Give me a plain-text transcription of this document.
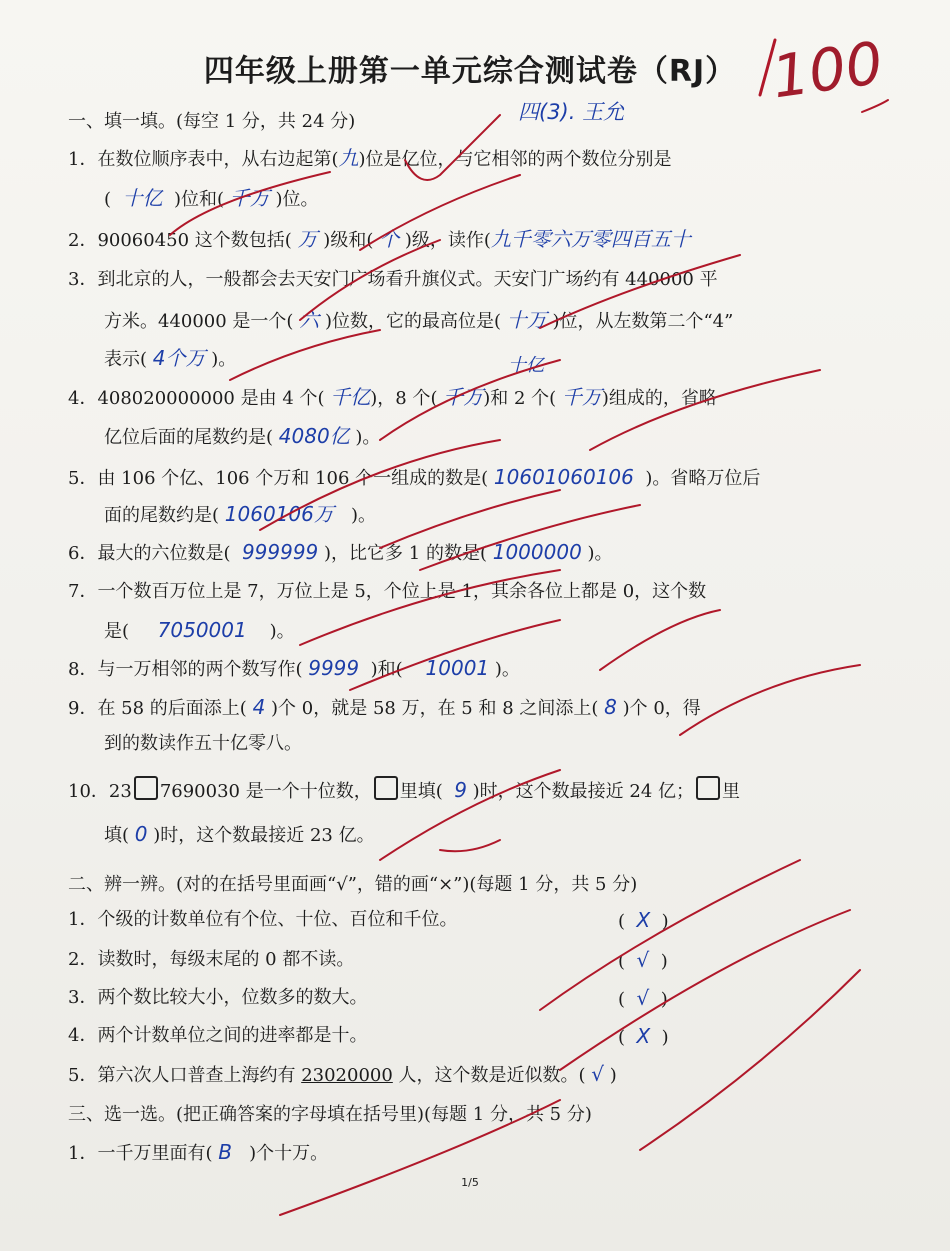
四年级上册第一单元综合测试卷（RJ） 100
四(3). 王允
一、填一填。(每空 1 分，共 24 分)
1．在数位顺序表中，从右边起第(九)位是亿位，与它相邻的两个数位分别是
( 十亿 )位和( 千万 )位。
2．90060450 这个数包括( 万 )级和( 个 )级，读作(九千零六万零四百五十
3．到北京的人，一般都会去天安门广场看升旗仪式。天安门广场约有 440000 平
方米。440000 是一个( 六 )位数，它的最高位是( 十万 )位，从左数第二个“4”
表示( 4个万 )。	十亿
4．408020000000 是由 4 个( 千亿)，8 个( 千万)和 2 个( 千万)组成的，省略
亿位后面的尾数约是( 4080亿 )。
5．由 106 个亿、106 个万和 106 个一组成的数是( 10601060106 )。省略万位后
面的尾数约是( 1060106万 )。
6．最大的六位数是( 999999 )，比它多 1 的数是( 1000000 )。
7．一个数百万位上是 7，万位上是 5，个位上是 1，其余各位上都是 0，这个数
是( 7050001 )。
8．与一万相邻的两个数写作( 9999 )和( 10001 )。
9．在 58 的后面添上( 4 )个 0，就是 58 万，在 5 和 8 之间添上( 8 )个 0，得
到的数读作五十亿零八。
10．23 7690030 是一个十位数， 里填( 9 )时，这个数最接近 24 亿； 里
填( 0 )时，这个数最接近 23 亿。
二、辨一辨。(对的在括号里面画“√”，错的画“×”)(每题 1 分，共 5 分)
1．个级的计数单位有个位、十位、百位和千位。	( X )
2．读数时，每级末尾的 0 都不读。	( √ )
3．两个数比较大小，位数多的数大。	( √ )
4．两个计数单位之间的进率都是十。	( X )
5．第六次人口普查上海约有 23020000 人，这个数是近似数。( √ )
三、选一选。(把正确答案的字母填在括号里)(每题 1 分，共 5 分)
1．一千万里面有( B )个十万。
1/5
